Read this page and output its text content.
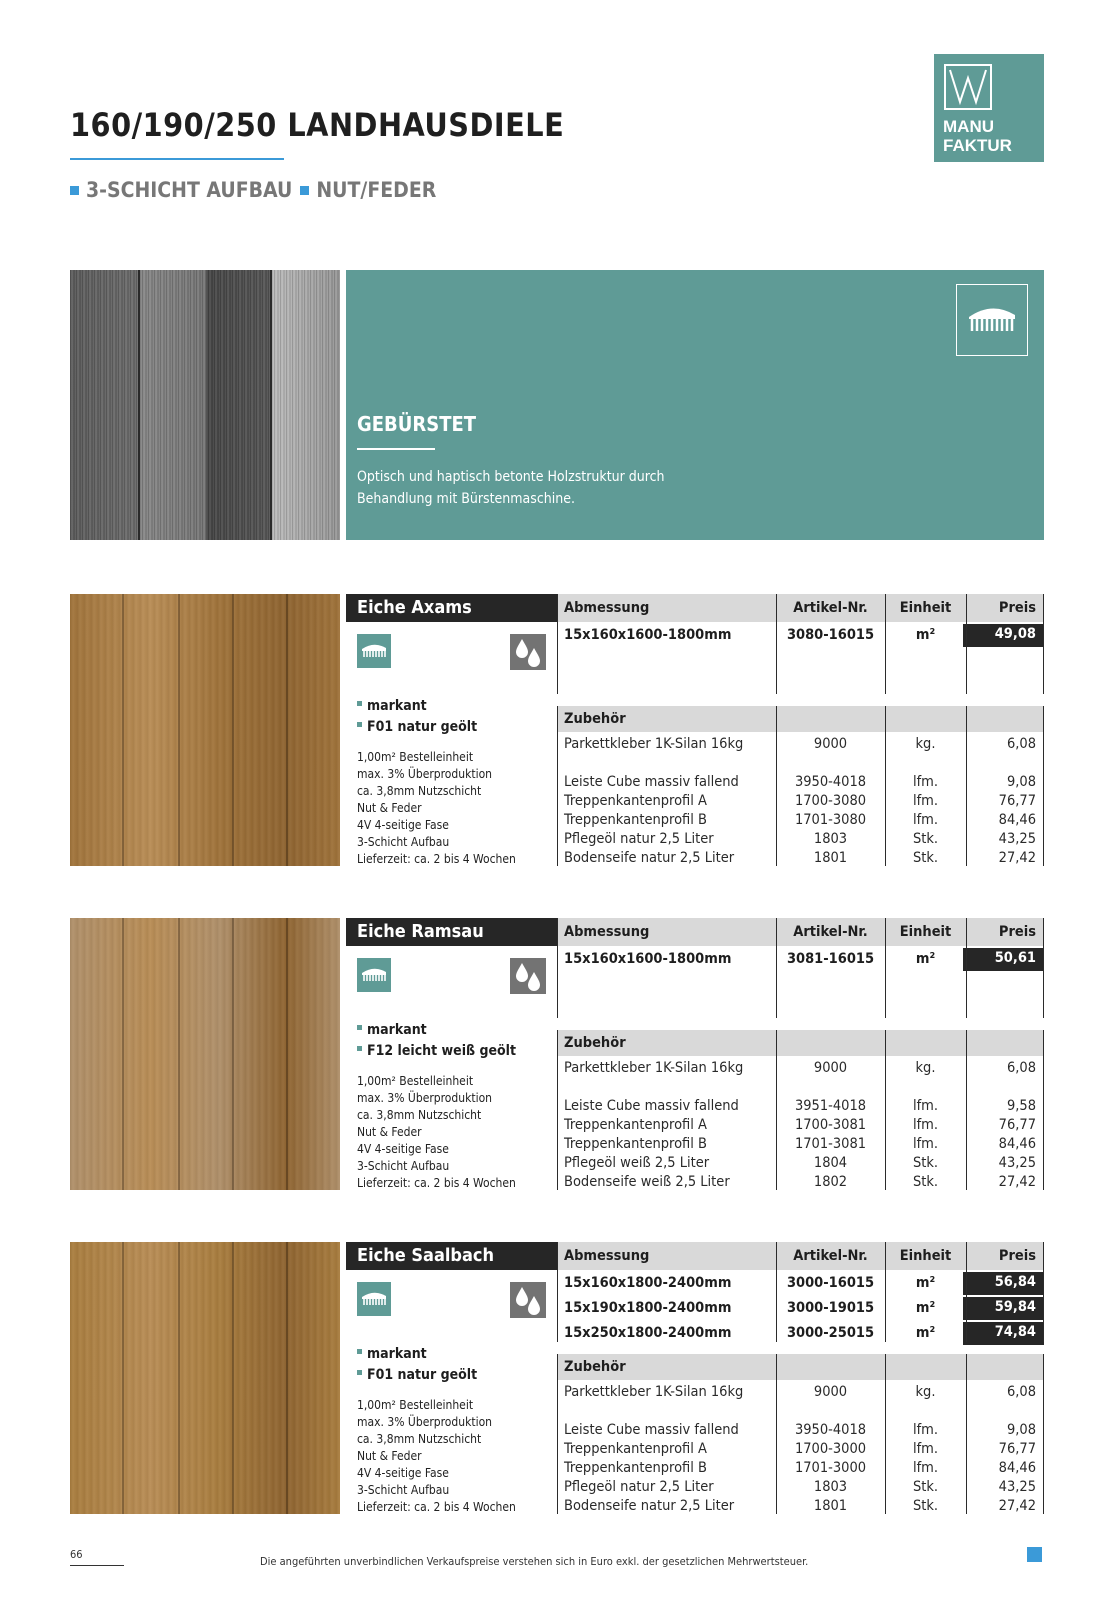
160/190/250 LANDHAUSDIELE
3-SCHICHT AUFBAU NUT/FEDER
MANU
FAKTUR
GEBÜRSTET
Optisch und haptisch betonte Holzstruktur durch Behandlung mit Bürstenmaschine.
Eiche Axams
markant
F01 natur geölt
1,00m² Bestelleinheit
max. 3% Überproduktion
ca. 3,8mm Nutzschicht
Nut & Feder
4V 4-seitige Fase
3-Schicht Aufbau
Lieferzeit: ca. 2 bis 4 Wochen
Abmessung	Artikel-Nr.	Einheit	Preis
15x160x1600-1800mm	3080-16015	m²	49,08
Zubehör
Parkettkleber 1K-Silan 16kg	9000	kg.	6,08
Leiste Cube massiv fallend	3950-4018	lfm.	9,08
Treppenkantenprofil A	1700-3080	lfm.	76,77
Treppenkantenprofil B	1701-3080	lfm.	84,46
Pflegeöl natur 2,5 Liter	1803	Stk.	43,25
Bodenseife natur 2,5 Liter	1801	Stk.	27,42
Eiche Ramsau
markant
F12 leicht weiß geölt
1,00m² Bestelleinheit
max. 3% Überproduktion
ca. 3,8mm Nutzschicht
Nut & Feder
4V 4-seitige Fase
3-Schicht Aufbau
Lieferzeit: ca. 2 bis 4 Wochen
Abmessung	Artikel-Nr.	Einheit	Preis
15x160x1600-1800mm	3081-16015	m²	50,61
Zubehör
Parkettkleber 1K-Silan 16kg	9000	kg.	6,08
Leiste Cube massiv fallend	3951-4018	lfm.	9,58
Treppenkantenprofil A	1700-3081	lfm.	76,77
Treppenkantenprofil B	1701-3081	lfm.	84,46
Pflegeöl weiß 2,5 Liter	1804	Stk.	43,25
Bodenseife weiß 2,5 Liter	1802	Stk.	27,42
Eiche Saalbach
markant
F01 natur geölt
1,00m² Bestelleinheit
max. 3% Überproduktion
ca. 3,8mm Nutzschicht
Nut & Feder
4V 4-seitige Fase
3-Schicht Aufbau
Lieferzeit: ca. 2 bis 4 Wochen
Abmessung	Artikel-Nr.	Einheit	Preis
15x160x1800-2400mm	3000-16015	m²	56,84
15x190x1800-2400mm	3000-19015	m²	59,84
15x250x1800-2400mm	3000-25015	m²	74,84
Zubehör
Parkettkleber 1K-Silan 16kg	9000	kg.	6,08
Leiste Cube massiv fallend	3950-4018	lfm.	9,08
Treppenkantenprofil A	1700-3000	lfm.	76,77
Treppenkantenprofil B	1701-3000	lfm.	84,46
Pflegeöl natur 2,5 Liter	1803	Stk.	43,25
Bodenseife natur 2,5 Liter	1801	Stk.	27,42
66
Die angeführten unverbindlichen Verkaufspreise verstehen sich in Euro exkl. der gesetzlichen Mehrwertsteuer.
